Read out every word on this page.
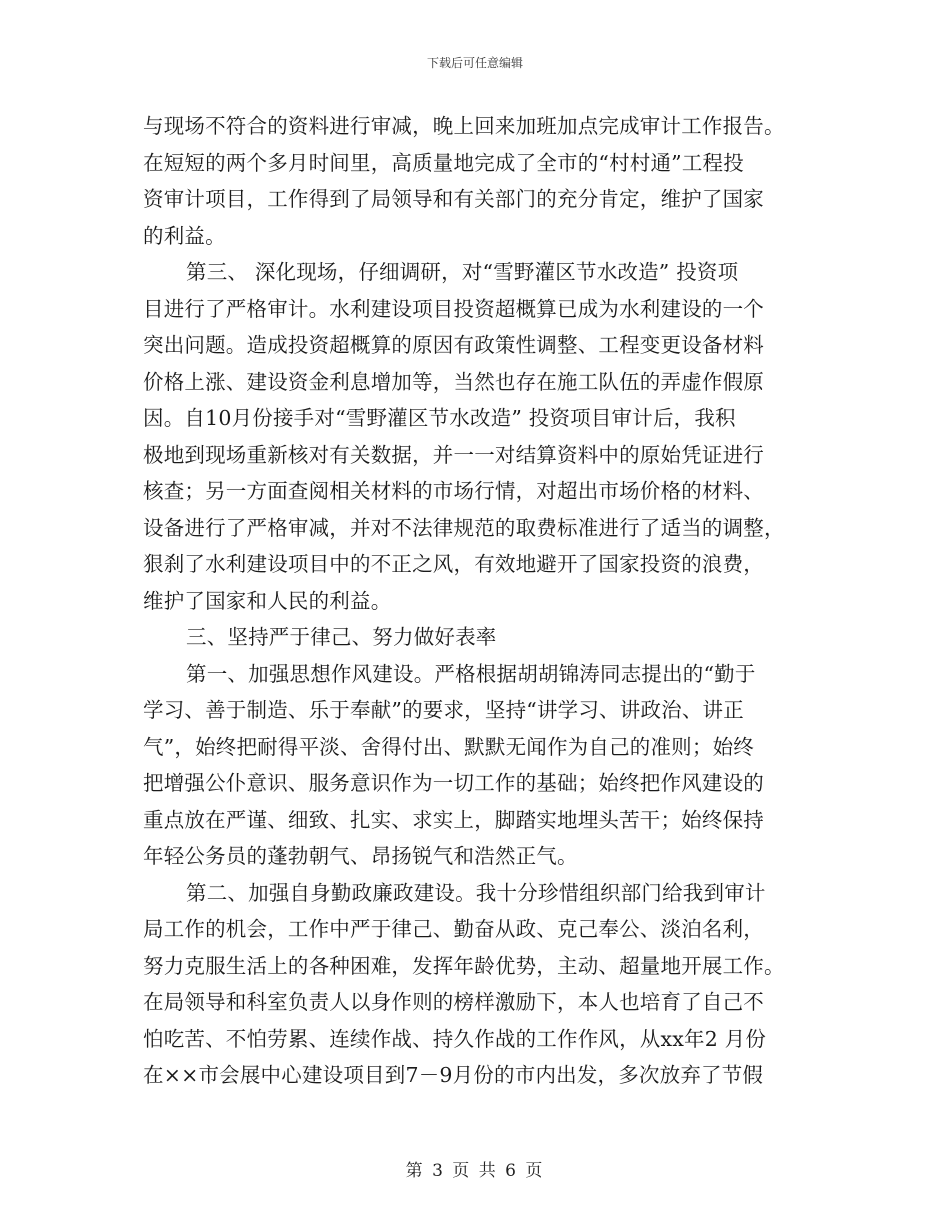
下载后可任意编辑
与现场不符合的资料进行审减，晚上回来加班加点完成审计工作报告。
在短短的两个多月时间里，高质量地完成了全市的“村村通”工程投
资审计项目，工作得到了局领导和有关部门的充分肯定，维护了国家
的利益。
第三、 深化现场，仔细调研，对“雪野灌区节水改造” 投资项
目进行了严格审计。水利建设项目投资超概算已成为水利建设的一个
突出问题。造成投资超概算的原因有政策性调整、工程变更设备材料
价格上涨、建设资金利息增加等，当然也存在施工队伍的弄虚作假原
因。自10月份接手对“雪野灌区节水改造” 投资项目审计后，我积
极地到现场重新核对有关数据，并一一对结算资料中的原始凭证进行
核查；另一方面查阅相关材料的市场行情，对超出市场价格的材料、
设备进行了严格审减，并对不法律规范的取费标准进行了适当的调整，
狠刹了水利建设项目中的不正之风，有效地避开了国家投资的浪费，
维护了国家和人民的利益。
三、坚持严于律己、努力做好表率
第一、加强思想作风建设。严格根据胡胡锦涛同志提出的“勤于
学习、善于制造、乐于奉献”的要求，坚持“讲学习、讲政治、讲正
气”，始终把耐得平淡、舍得付出、默默无闻作为自己的准则；始终
把增强公仆意识、服务意识作为一切工作的基础；始终把作风建设的
重点放在严谨、细致、扎实、求实上，脚踏实地埋头苦干；始终保持
年轻公务员的蓬勃朝气、昂扬锐气和浩然正气。
第二、加强自身勤政廉政建设。我十分珍惜组织部门给我到审计
局工作的机会，工作中严于律己、勤奋从政、克己奉公、淡泊名利，
努力克服生活上的各种困难，发挥年龄优势，主动、超量地开展工作。
在局领导和科室负责人以身作则的榜样激励下，本人也培育了自己不
怕吃苦、不怕劳累、连续作战、持久作战的工作作风，从xx年2 月份
在××市会展中心建设项目到7－9月份的市内出发，多次放弃了节假
第 3 页 共 6 页
